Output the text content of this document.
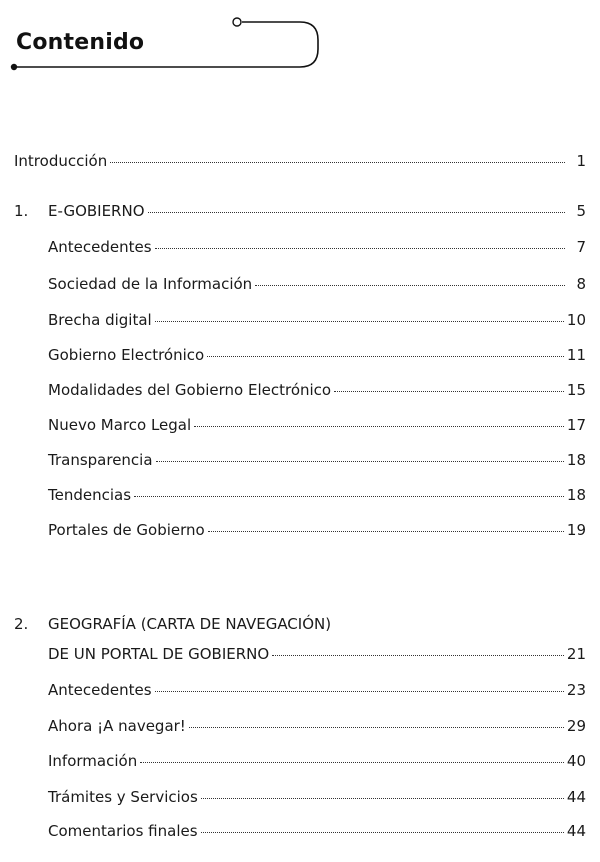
Contenido
Introducción	1
1.	E-GOBIERNO	5
Antecedentes	7
Sociedad de la Información	8
Brecha digital	10
Gobierno Electrónico	11
Modalidades del Gobierno Electrónico	15
Nuevo Marco Legal	17
Transparencia	18
Tendencias	18
Portales de Gobierno	19
2. GEOGRAFÍA (CARTA DE NAVEGACIÓN)
DE UN PORTAL DE GOBIERNO	21
Antecedentes	23
Ahora ¡A navegar!	29
Información	40
Trámites y Servicios	44
Comentarios finales	44
